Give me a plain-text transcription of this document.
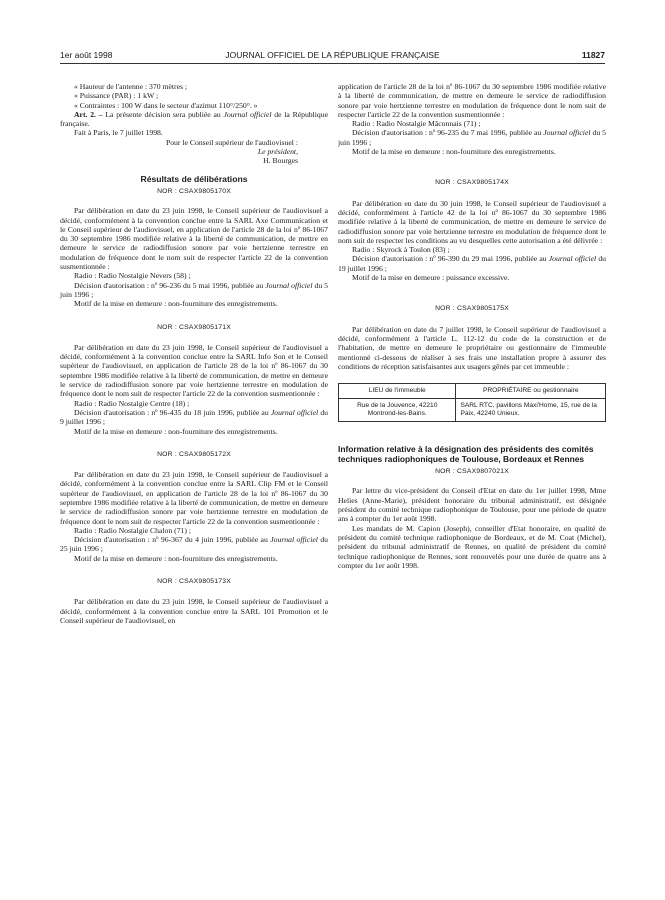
1er août 1998	JOURNAL OFFICIEL DE LA RÉPUBLIQUE FRANÇAISE	11827

« Hauteur de l'antenne : 370 mètres ;

« Puissance (PAR) : 1 kW ;

« Contraintes : 100 W dans le secteur d'azimut 110°/250°. »

Art. 2. – La présente décision sera publiée au Journal officiel de la République française.

Fait à Paris, le 7 juillet 1998.

Pour le Conseil supérieur de l'audiovisuel :

Le président,

H. Bourges

Résultats de délibérations
NOR : CSAX9805170X

Par délibération en date du 23 juin 1998, le Conseil supérieur de l'audiovisuel a décidé, conformément à la convention conclue entre la SARL Axe Communication et le Conseil supérieur de l'audiovisuel, en application de l'article 28 de la loi nº 86-1067 du 30 septembre 1986 modifiée relative à la liberté de communication, de mettre en demeure le service de radiodiffusion sonore par voie hertzienne terrestre en modulation de fréquence dont le nom suit de respecter l'article 22 de la convention susmentionnée :

Radio : Radio Nostalgie Nevers (58) ;

Décision d'autorisation : nº 96-236 du 5 mai 1996, publiée au Journal officiel du 5 juin 1996 ;

Motif de la mise en demeure : non-fourniture des enregistrements.

NOR : CSAX9805171X

Par délibération en date du 23 juin 1998, le Conseil supérieur de l'audiovisuel a décidé, conformément à la convention conclue entre la SARL Info Son et le Conseil supérieur de l'audiovisuel, en application de l'article 28 de la loi nº 86-1067 du 30 septembre 1986 modifiée relative à la liberté de communication, de mettre en demeure le service de radiodiffusion sonore par voie hertzienne terrestre en modulation de fréquence dont le nom suit de respecter l'article 22 de la convention susmentionnée :

Radio : Radio Nostalgie Centre (18) ;

Décision d'autorisation : nº 96-435 du 18 juin 1996, publiée au Journal officiel du 9 juillet 1996 ;

Motif de la mise en demeure : non-fourniture des enregistrements.

NOR : CSAX9805172X

Par délibération en date du 23 juin 1998, le Conseil supérieur de l'audiovisuel a décidé, conformément à la convention conclue entre la SARL Clip FM et le Conseil supérieur de l'audiovisuel, en application de l'article 28 de la loi nº 86-1067 du 30 septembre 1986 modifiée relative à la liberté de communication, de mettre en demeure le service de radiodiffusion sonore par voie hertzienne terrestre en modulation de fréquence dont le nom suit de respecter l'article 22 de la convention susmentionnée :

Radio : Radio Nostalgie Chalon (71) ;

Décision d'autorisation : nº 96-367 du 4 juin 1996, publiée au Journal officiel du 25 juin 1996 ;

Motif de la mise en demeure : non-fourniture des enregistrements.

NOR : CSAX9805173X

Par délibération en date du 23 juin 1998, le Conseil supérieur de l'audiovisuel a décidé, conformément à la convention conclue entre la SARL 101 Promotion et le Conseil supérieur de l'audiovisuel, en

application de l'article 28 de la loi nº 86-1067 du 30 septembre 1986 modifiée relative à la liberté de communication, de mettre en demeure le service de radiodiffusion sonore par voie hertzienne terrestre en modulation de fréquence dont le nom suit de respecter l'article 22 de la convention susmentionnée :

Radio : Radio Nostalgie Mâconnais (71) ;

Décision d'autorisation : nº 96-235 du 7 mai 1996, publiée au Journal officiel du 5 juin 1996 ;

Motif de la mise en demeure : non-fourniture des enregistrements.

NOR : CSAX9805174X

Par délibération en date du 30 juin 1998, le Conseil supérieur de l'audiovisuel a décidé, conformément à l'article 42 de la loi nº 86-1067 du 30 septembre 1986 modifiée relative à la liberté de communication, de mettre en demeure le service de radiodiffusion sonore par voie hertzienne terrestre en modulation de fréquence dont le nom suit de respecter les conditions au vu desquelles cette autorisation a été délivrée :

Radio : Skyrock à Toulon (83) ;

Décision d'autorisation : nº 96-390 du 29 mai 1996, publiée au Journal officiel du 19 juillet 1996 ;

Motif de la mise en demeure : puissance excessive.

NOR : CSAX9805175X

Par délibération en date du 7 juillet 1998, le Conseil supérieur de l'audiovisuel a décidé, conformément à l'article L. 112-12 du code de la construction et de l'habitation, de mettre en demeure le propriétaire ou gestionnaire de l'immeuble mentionné ci-dessous de réaliser à ses frais une installation propre à assurer des conditions de réception satisfaisantes aux usagers gênés par cet immeuble :

LIEU de l'immeuble	PROPRIÉTAIRE ou gestionnaire
Rue de la Jouvence, 42210 Montrond-les-Bains.	SARL RTC, pavillons Maxi'Home, 15, rue de la Paix, 42240 Unieux.
Information relative à la désignation des présidents des comités techniques radiophoniques de Toulouse, Bordeaux et Rennes
NOR : CSAX9807021X

Par lettre du vice-président du Conseil d'Etat en date du 1er juillet 1998, Mme Helies (Anne-Marie), président honoraire du tribunal administratif, est désignée président du comité technique radiophonique de Toulouse, pour une période de quatre ans à compter du 1er août 1998.

Les mandats de M. Capion (Joseph), conseiller d'Etat honoraire, en qualité de président du comité technique radiophonique de Bordeaux, et de M. Coat (Michel), président du tribunal administratif de Rennes, en qualité de président du comité technique radiophonique de Rennes, sont renouvelés pour une durée de quatre ans à compter du 1er août 1998.
